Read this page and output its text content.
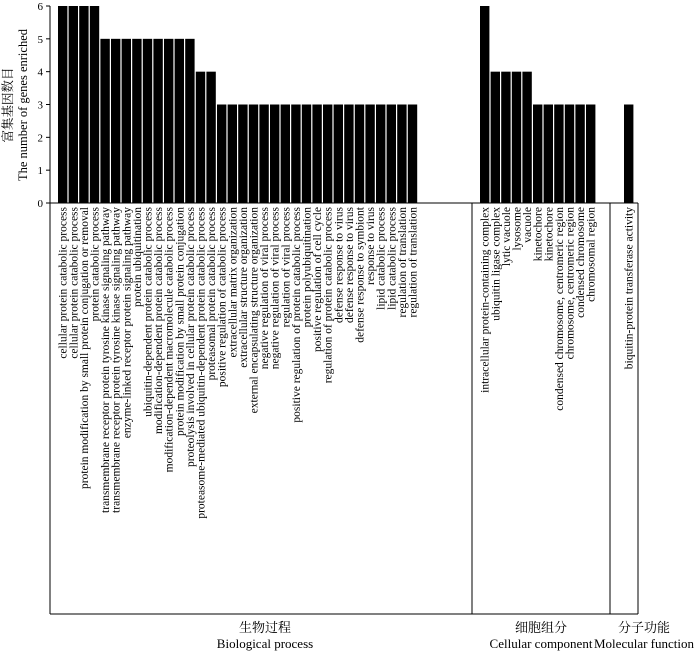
0
1
2
3
4
5
6
富集基因数目 The number of genes enriched
cellular protein catabolic process
cellular protein catabolic process
protein modification by small protein conjugation or removal
protein catabolic process
transmembrane receptor protein tyrosine kinase signaling pathway
transmembrane receptor protein tyrosine kinase signaling pathway
enzyme-linked receptor protein signaling pathway
protein ubiquitination
ubiquitin-dependent protein catabolic process
modification-dependent protein catabolic process
modification-dependent macromolecule catabolic process
protein modification by small protein conjugation
proteolysis involved in cellular protein catabolic process
proteasome-mediated ubiquitin-dependent protein catabolic process
proteasomal protein catabolic process
positive regulation of catabolic process
extracellular matrix organization
extracellular structure organization
external encapsulating structure organization
negative regulation of viral process
negative regulation of viral process
regulation of viral process
positive regulation of protein catabolic process
protein polyubiquitination
positive regulation of cell cycle
regulation of protein catabolic process
defense response to virus
defense response to virus
defense response to symbiont
response to virus
lipid catabolic process
lipid catabolic process
regulation of translation
regulation of translation	intracellular protein-containing complex
ubiquitin ligase complex
lytic vacuole
lysosome
vacuole
kinetochore
kinetochore
condensed chromosome, centromeric region
chromosome, centromeric region
condensed chromosome
chromosomal region biquitin-protein transferase activity
生物过程
Biological process
细胞组分
Cellular component
分子功能
Molecular function
